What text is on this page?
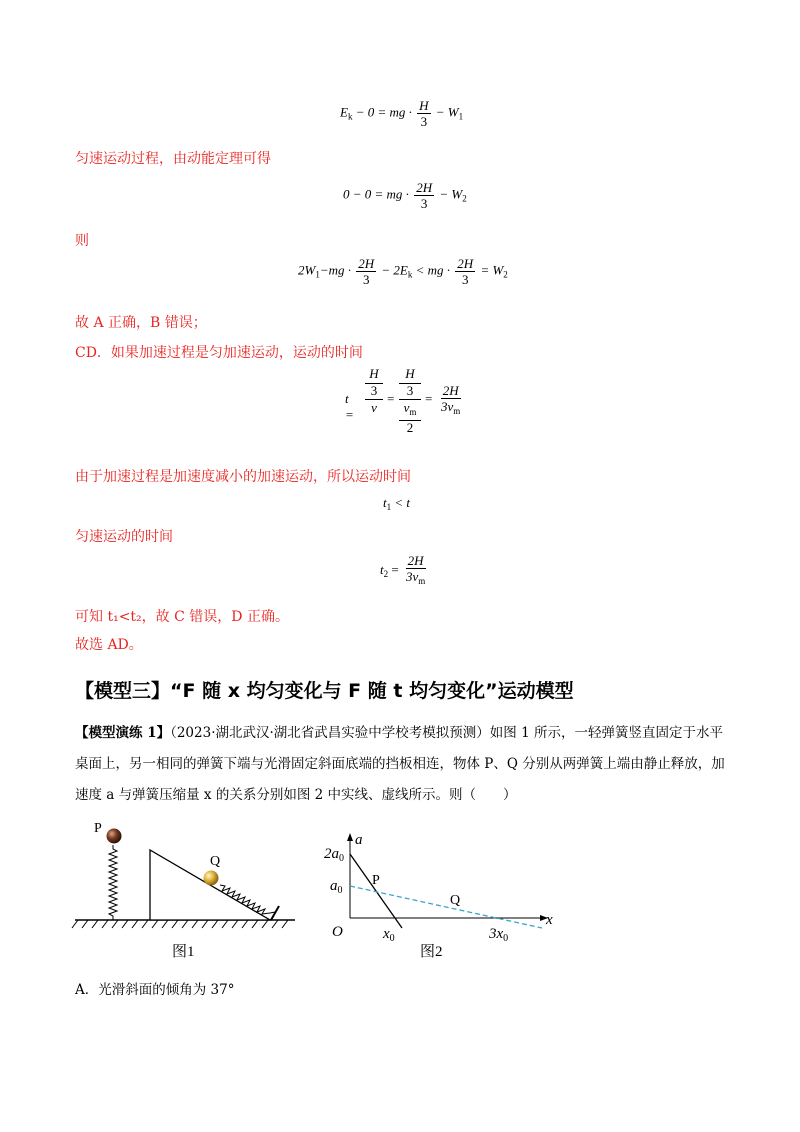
$E_k - 0$ = mg · $\frac{H}{3} - W_1$
匀速运动过程，由动能定理可得
0 − 0 = mg · $\frac{2H}{3} - W_2$
则
$2W_1-mg \cdot \frac{2H}{3} - 2E_k$ < mg · $\frac{2H}{3} = W_2$
故 A 正确，B 错误；
CD．如果加速过程是匀加速运动，运动的时间
t =
H
3
v
=
H
3
$v_m$
2
= $\frac{2H}{3v_m}$
由于加速过程是加速度减小的加速运动，所以运动时间
$t_1 < t$
匀速运动的时间
$t_2 = \frac{2H}{3v_m}$
可知 t₁<t₂，故 C 错误，D 正确。
故选 AD。
【模型三】“F 随 x 均匀变化与 F 随 t 均匀变化”运动模型
【模型演练 1】（2023·湖北武汉·湖北省武昌实验中学校考模拟预测）如图 1 所示，一轻弹簧竖直固定于水平桌面上，另一相同的弹簧下端与光滑固定斜面底端的挡板相连，物体 P、Q 分别从两弹簧上端由静止释放，加速度 a 与弹簧压缩量 x 的关系分别如图 2 中实线、虚线所示。则（　　）
P
Q
图1
a
x
O
$2a_0$
$a_0$
$x_0$	$3x_0$
P
Q
图2
A．光滑斜面的倾角为 37°
